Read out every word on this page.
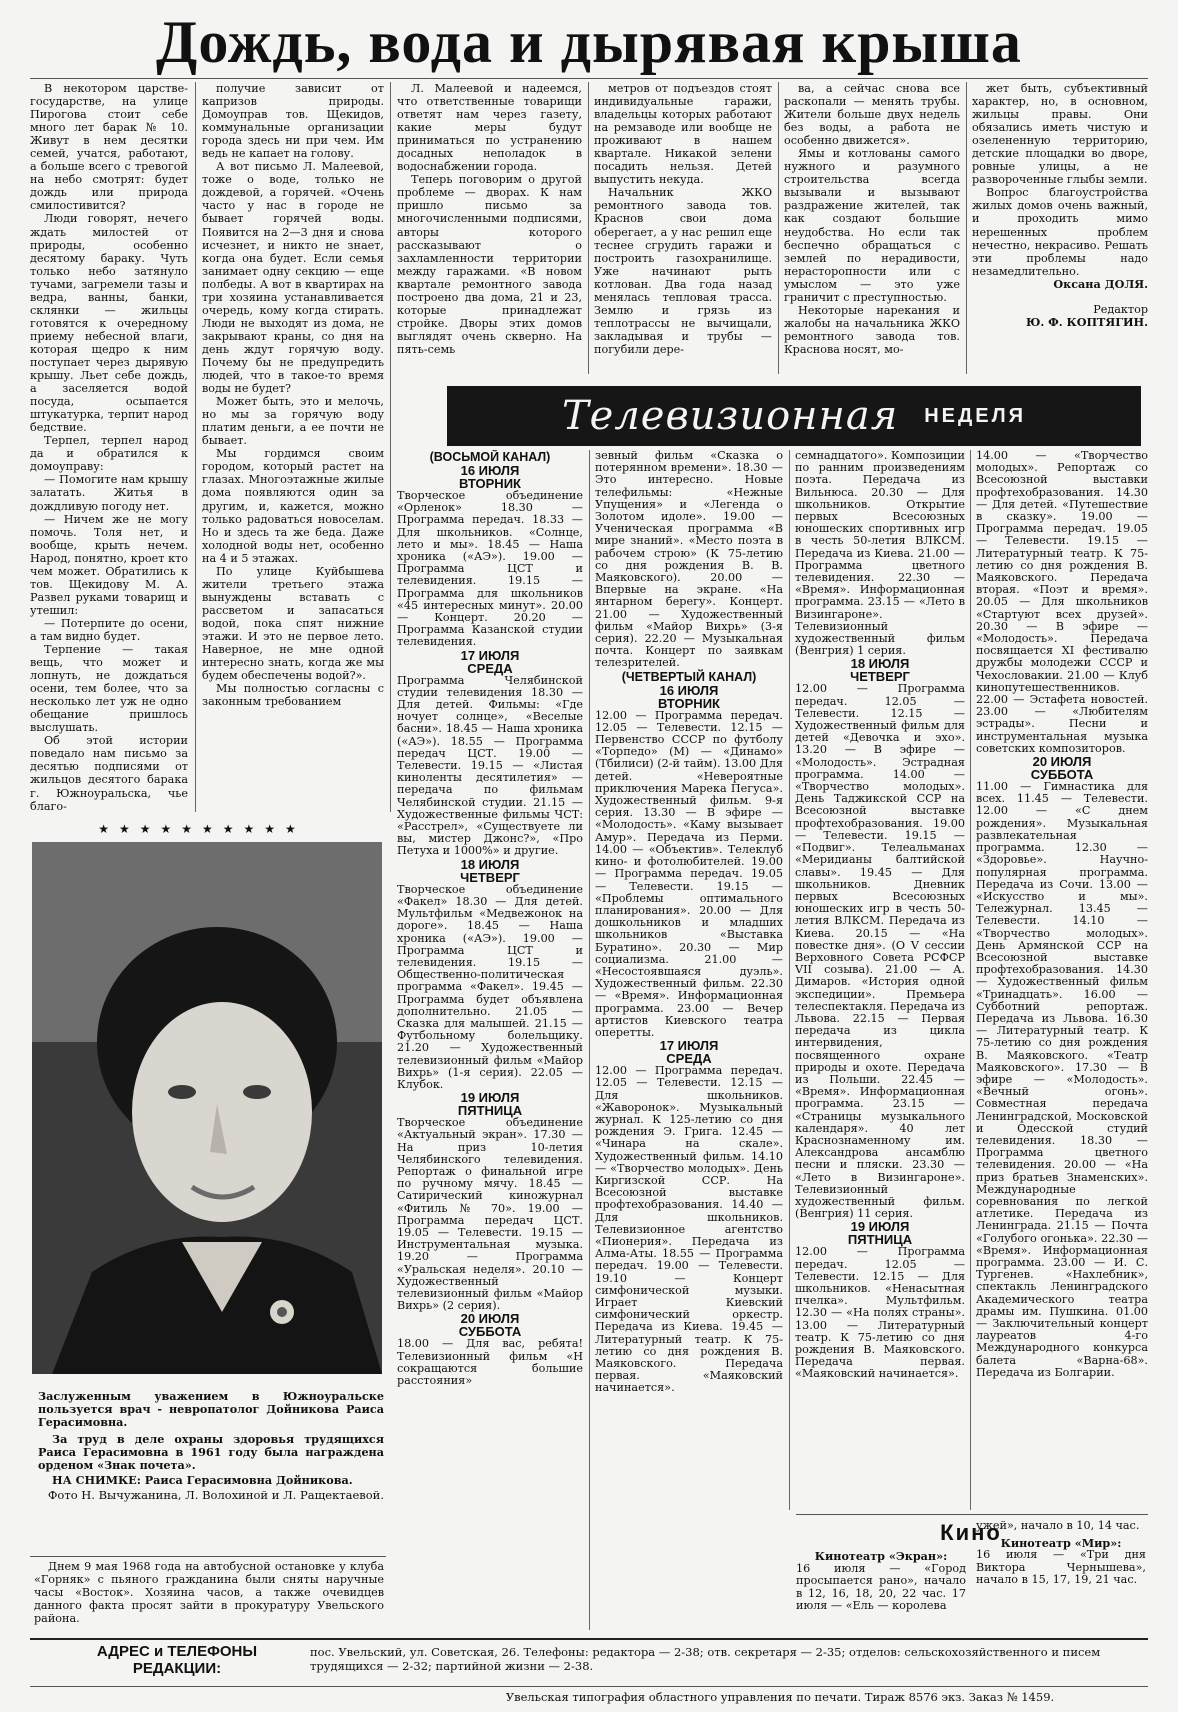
Дождь, вода и дырявая крыша

В некотором царстве-государстве, на улице Пирогова стоит себе много лет барак № 10. Живут в нем десятки семей, учатся, работают, а больше всего с тревогой на небо смотрят: будет дождь или природа смилостивится?

Люди говорят, нечего ждать милостей от природы, особенно десятому бараку. Чуть только небо затянуло тучами, загремели тазы и ведра, ванны, банки, склянки — жильцы готовятся к очередному приему небесной влаги, которая щедро к ним поступает через дырявую крышу. Льет себе дождь, а заселяется водой посуда, осыпается штукатурка, терпит народ бедствие.

Терпел, терпел народ да и обратился к домоуправу:

— Помогите нам крышу залатать. Житья в дождливую погоду нет.

— Ничем же не могу помочь. Толя нет, и вообще, крыть нечем. Народ, понятно, кроет кто чем может. Обратились к тов. Щекидову М. А. Развел руками товарищ и утешил:

— Потерпите до осени, а там видно будет.

Терпение — такая вещь, что может и лопнуть, не дождаться осени, тем более, что за несколько лет уж не одно обещание пришлось выслушать.

Об этой истории поведало нам письмо за десятью подписями от жильцов десятого барака г. Южноуральска, чье благо-

получие зависит от капризов природы. Домоуправ тов. Щекидов, коммунальные организации города здесь ни при чем. Им ведь не капает на голову.

А вот письмо Л. Малеевой, тоже о воде, только не дождевой, а горячей. «Очень часто у нас в городе не бывает горячей воды. Появится на 2—3 дня и снова исчезнет, и никто не знает, когда она будет. Если семья занимает одну секцию — еще полбеды. А вот в квартирах на три хозяина устанавливается очередь, кому когда стирать. Люди не выходят из дома, не закрывают краны, со дня на день ждут горячую воду. Почему бы не предупредить людей, что в такое-то время воды не будет?

Может быть, это и мелочь, но мы за горячую воду платим деньги, а ее почти не бывает.

Мы гордимся своим городом, который растет на глазах. Многоэтажные жилые дома появляются один за другим, и, кажется, можно только радоваться новоселам. Но и здесь та же беда. Даже холодной воды нет, особенно на 4 и 5 этажах.

По улице Куйбышева жители третьего этажа вынуждены вставать с рассветом и запасаться водой, пока спят нижние этажи. И это не первое лето. Наверное, не мне одной интересно знать, когда же мы будем обеспечены водой?».

Мы полностью согласны с законным требованием

Л. Малеевой и надеемся, что ответственные товарищи ответят нам через газету, какие меры будут приниматься по устранению досадных неполадок в водоснабжении города.

Теперь поговорим о другой проблеме — дворах. К нам пришло письмо за многочисленными подписями, авторы которого рассказывают о захламленности территории между гаражами. «В новом квартале ремонтного завода построено два дома, 21 и 23, которые принадлежат стройке. Дворы этих домов выглядят очень скверно. На пять-семь

метров от подъездов стоят индивидуальные гаражи, владельцы которых работают на ремзаводе или вообще не проживают в нашем квартале. Никакой зелени посадить нельзя. Детей выпустить некуда.

Начальник ЖКО ремонтного завода тов. Краснов свои дома оберегает, а у нас решил еще теснее сгрудить гаражи и построить газохранилище. Уже начинают рыть котлован. Два года назад менялась тепловая трасса. Землю и грязь из теплотрассы не вычищали, закладывая и трубы — погубили дере-

ва, а сейчас снова все раскопали — менять трубы. Жители больше двух недель без воды, а работа не особенно движется».

Ямы и котлованы самого нужного и разумного строительства всегда вызывали и вызывают раздражение жителей, так как создают большие неудобства. Но если так беспечно обращаться с землей по нерадивости, нерасторопности или с умыслом — это уже граничит с преступностью.

Некоторые нарекания и жалобы на начальника ЖКО ремонтного завода тов. Краснова носят, мо-

жет быть, субъективный характер, но, в основном, жильцы правы. Они обязались иметь чистую и озелененную территорию, детские площадки во дворе, ровные улицы, а не развороченные глыбы земли.

Вопрос благоустройства жилых домов очень важный, и проходить мимо нерешенных проблем нечестно, некрасиво. Решать эти проблемы надо незамедлительно.

Оксана ДОЛЯ.

Редактор

Ю. Ф. КОПТЯГИН.

Телевизионная НЕДЕЛЯ

(ВОСЬМОЙ КАНАЛ)

16 ИЮЛЯ

ВТОРНИК

Творческое объединение «Орленок» 18.30 — Программа передач. 18.33 — Для школьников. «Солнце, лето и мы». 18.45 — Наша хроника («АЭ»). 19.00 — Программа ЦСТ и телевидения. 19.15 — Программа для школьников «45 интересных минут». 20.00 — Концерт. 20.20 — Программа Казанской студии телевидения.

17 ИЮЛЯ

СРЕДА

Программа Челябинской студии телевидения 18.30 — Для детей. Фильмы: «Где ночует солнце», «Веселые басни». 18.45 — Наша хроника («АЭ»). 18.55 — Программа передач ЦСТ. 19.00 — Телевести. 19.15 — «Листая киноленты десятилетия» — передача по фильмам Челябинской студии. 21.15 — Художественные фильмы ЧСТ: «Расстрел», «Существуете ли вы, мистер Джонс?», «Про Петуха и 1000%» и другие.

18 ИЮЛЯ

ЧЕТВЕРГ

Творческое объединение «Факел» 18.30 — Для детей. Мультфильм «Медвежонок на дороге». 18.45 — Наша хроника («АЭ»). 19.00 — Программа ЦСТ и телевидения. 19.15 — Общественно-политическая программа «Факел». 19.45 — Программа будет объявлена дополнительно. 21.05 — Сказка для малышей. 21.15 — Футбольному болельщику. 21.20 — Художественный телевизионный фильм «Майор Вихрь» (1-я серия). 22.05 — Клубок.

19 ИЮЛЯ

ПЯТНИЦА

Творческое объединение «Актуальный экран». 17.30 — На приз 10-летия Челябинского телевидения. Репортаж о финальной игре по ручному мячу. 18.45 — Сатирический киножурнал «Фитиль № 70». 19.00 — Программа передач ЦСТ. 19.05 — Телевести. 19.15 — Инструментальная музыка. 19.20 — Программа «Уральская неделя». 20.10 — Художественный телевизионный фильм «Майор Вихрь» (2 серия).

20 ИЮЛЯ

СУББОТА

18.00 — Для вас, ребята! Телевизионный фильм «Н сокращаются большие расстояния»

зевный фильм «Сказка о потерянном времени». 18.30 — Это интересно. Новые телефильмы: «Нежные Упущения» и «Легенда о Золотом идоле». 19.00 — Ученическая программа «В мире знаний». «Место поэта в рабочем строю» (К 75-летию со дня рождения В. В. Маяковского). 20.00 — Впервые на экране. «На янтарном берегу». Концерт. 21.00 — Художественный фильм «Майор Вихрь» (3-я серия). 22.20 — Музыкальная почта. Концерт по заявкам телезрителей.

(ЧЕТВЕРТЫЙ КАНАЛ)

16 ИЮЛЯ

ВТОРНИК

12.00 — Программа передач. 12.05 — Телевести. 12.15 — Первенство СССР по футболу «Торпедо» (М) — «Динамо» (Тбилиси) (2-й тайм). 13.00 Для детей. «Невероятные приключения Марека Пегуса». Художественный фильм. 9-я серия. 13.30 — В эфире — «Молодость». «Каму вызывает Амур». Передача из Перми. 14.00 — «Объектив». Телеклуб кино- и фотолюбителей. 19.00 — Программа передач. 19.05 — Телевести. 19.15 — «Проблемы оптимального планирования». 20.00 — Для дошкольников и младших школьников «Выставка Буратино». 20.30 — Мир социализма. 21.00 — «Несостоявшаяся дуэль». Художественный фильм. 22.30 — «Время». Информационная программа. 23.00 — Вечер артистов Киевского театра оперетты.

17 ИЮЛЯ

СРЕДА

12.00 — Программа передач. 12.05 — Телевести. 12.15 — Для школьников. «Жаворонок». Музыкальный журнал. К 125-летию со дня рождения Э. Грига. 12.45 — «Чинара на скале». Художественный фильм. 14.10 — «Творчество молодых». День Киргизской ССР. На Всесоюзной выставке профтехобразования. 14.40 — Для школьников. Телевизионное агентство «Пионерия». Передача из Алма-Аты. 18.55 — Программа передач. 19.00 — Телевести. 19.10 — Концерт симфонической музыки. Играет Киевский симфонический оркестр. Передача из Киева. 19.45 — Литературный театр. К 75-летию со дня рождения В. Маяковского. Передача первая. «Маяковский начинается».

семнадцатого». Композиции по ранним произведениям поэта. Передача из Вильнюса. 20.30 — Для школьников. Открытие первых Всесоюзных юношеских спортивных игр в честь 50-летия ВЛКСМ. Передача из Киева. 21.00 — Программа цветного телевидения. 22.30 — «Время». Информационная программа. 23.15 — «Лето в Визингароне». Телевизионный художественный фильм (Венгрия) 1 серия.

18 ИЮЛЯ

ЧЕТВЕРГ

12.00 — Программа передач. 12.05 — Телевести. 12.15 — Художественный фильм для детей «Девочка и эхо». 13.20 — В эфире — «Молодость». Эстрадная программа. 14.00 — «Творчество молодых». День Таджикской ССР на Всесоюзной выставке профтехобразования. 19.00 — Телевести. 19.15 — «Подвиг». Телеальманах «Меридианы балтийской славы». 19.45 — Для школьников. Дневник первых Всесоюзных юношеских игр в честь 50-летия ВЛКСМ. Передача из Киева. 20.15 — «На повестке дня». (О V сессии Верховного Совета РСФСР VII созыва). 21.00 — А. Димаров. «История одной экспедиции». Премьера телеспектакля. Передача из Львова. 22.15 — Первая передача из цикла интервидения, посвященного охране природы и охоте. Передача из Польши. 22.45 — «Время». Информационная программа. 23.15 — «Страницы музыкального календаря». 40 лет Краснознаменному им. Александрова ансамблю песни и пляски. 23.30 — «Лето в Визингароне». Телевизионный художественный фильм. (Венгрия) 11 серия.

19 ИЮЛЯ

ПЯТНИЦА

12.00 — Программа передач. 12.05 — Телевести. 12.15 — Для школьников. «Ненасытная пчелка». Мультфильм. 12.30 — «На полях страны». 13.00 — Литературный театр. К 75-летию со дня рождения В. Маяковского. Передача первая. «Маяковский начинается».

14.00 — «Творчество молодых». Репортаж со Всесоюзной выставки профтехобразования. 14.30 — Для детей. «Путешествие в сказку». 19.00 — Программа передач. 19.05 — Телевести. 19.15 — Литературный театр. К 75-летию со дня рождения В. Маяковского. Передача вторая. «Поэт и время». 20.05 — Для школьников «Стартуют всех друзей». 20.30 — В эфире — «Молодость». Передача посвящается XI фестивалю дружбы молодежи СССР и Чехословакии. 21.00 — Клуб кинопутешественников. 22.00 — Эстафета новостей. 23.00 — «Любителям эстрады». Песни и инструментальная музыка советских композиторов.

20 ИЮЛЯ

СУББОТА

11.00 — Гимнастика для всех. 11.45 — Телевести. 12.00 — «С днем рождения». Музыкальная развлекательная программа. 12.30 — «Здоровье». Научно-популярная программа. Передача из Сочи. 13.00 — «Искусство и мы». Тележурнал. 13.45 — Телевести. 14.10 — «Творчество молодых». День Армянской ССР на Всесоюзной выставке профтехобразования. 14.30 — Художественный фильм «Тринадцать». 16.00 — Субботний репортаж. Передача из Львова. 16.30 — Литературный театр. К 75-летию со дня рождения В. Маяковского. «Театр Маяковского». 17.30 — В эфире — «Молодость». «Вечный огонь». Совместная передача Ленинградской, Московской и Одесской студий телевидения. 18.30 — Программа цветного телевидения. 20.00 — «На приз братьев Знаменских». Международные соревнования по легкой атлетике. Передача из Ленинграда. 21.15 — Почта «Голубого огонька». 22.30 — «Время». Информационная программа. 23.00 — И. С. Тургенев. «Нахлебник», спектакль Ленинградского Академического театра драмы им. Пушкина. 01.00 — Заключительный концерт лауреатов 4-го Международного конкурса балета «Варна-68». Передача из Болгарии.

★★★★★★★★★★

Заслуженным уважением в Южноуральске пользуется врач - невропатолог Дойникова Раиса Герасимовна.

За труд в деле охраны здоровья трудящихся Раиса Герасимовна в 1961 году была награждена орденом «Знак почета».

НА СНИМКЕ: Раиса Герасимовна Дойникова.

Фото Н. Вычужанина, Л. Волохиной и Л. Ращектаевой.

Днем 9 мая 1968 года на автобусной остановке у клуба «Горняк» с пьяного гражданина были сняты наручные часы «Восток». Хозяина часов, а также очевидцев данного факта просят зайти в прокуратуру Увельского района.

Кино
Кинотеатр «Экран»:
16 июля — «Город просыпается рано», начало в 12, 16, 18, 20, 22 час. 17 июля — «Ель — королева
ужей», начало в 10, 14 час.
Кинотеатр «Мир»:
16 июля — «Три дня Виктора Чернышева», начало в 15, 17, 19, 21 час.
АДРЕС и ТЕЛЕФОНЫ РЕДАКЦИИ:
пос. Увельский, ул. Советская, 26. Телефоны: редактора — 2-38; отв. секретаря — 2-35; отделов: сельскохозяйственного и писем трудящихся — 2-32; партийной жизни — 2-38.
Увельская типография областного управления по печати. Тираж 8576 экз. Заказ № 1459.
